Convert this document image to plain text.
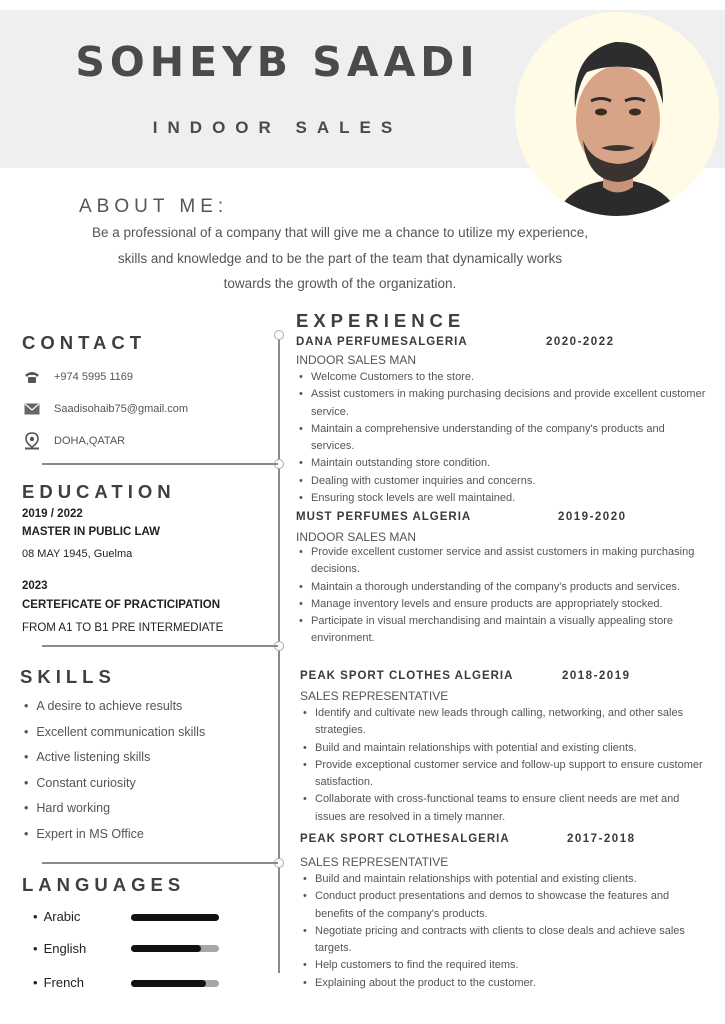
SOHEYB SAADI
INDOOR SALES
ABOUT ME:
Be a professional of a company that will give me a chance to utilize my experience,
skills and knowledge and to be the part of the team that dynamically works
towards the growth of the organization.
CONTACT
+974 5995 1169
Saadisohaib75@gmail.com
DOHA,QATAR
EDUCATION
2019 / 2022
MASTER IN PUBLIC LAW
08 MAY 1945, Guelma
2023
CERTEFICATE OF PRACTICIPATION
FROM A1 TO B1 PRE INTERMEDIATE
SKILLS
• A desire to achieve results
• Excellent communication skills
• Active listening skills
• Constant curiosity
• Hard working
• Expert in MS Office
LANGUAGES
• Arabic
• English
• French
EXPERIENCE
DANA PERFUMESALGERIA	2020-2022
INDOOR SALES MAN
• Welcome Customers to the store.
• Assist customers in making purchasing decisions and provide excellent customer service.
• Maintain a comprehensive understanding of the company's products and services.
• Maintain outstanding store condition.
• Dealing with customer inquiries and concerns.
• Ensuring stock levels are well maintained.
MUST PERFUMES ALGERIA	2019-2020
INDOOR SALES MAN
• Provide excellent customer service and assist customers in making purchasing decisions.
• Maintain a thorough understanding of the company's products and services.
• Manage inventory levels and ensure products are appropriately stocked.
• Participate in visual merchandising and maintain a visually appealing store environment.
PEAK SPORT CLOTHES ALGERIA	2018-2019
SALES REPRESENTATIVE
• Identify and cultivate new leads through calling, networking, and other sales strategies.
• Build and maintain relationships with potential and existing clients.
• Provide exceptional customer service and follow-up support to ensure customer satisfaction.
• Collaborate with cross-functional teams to ensure client needs are met and issues are resolved in a timely manner.
PEAK SPORT CLOTHESALGERIA	2017-2018
SALES REPRESENTATIVE
• Build and maintain relationships with potential and existing clients.
• Conduct product presentations and demos to showcase the features and benefits of the company's products.
• Negotiate pricing and contracts with clients to close deals and achieve sales targets.
• Help customers to find the required items.
• Explaining about the product to the customer.
